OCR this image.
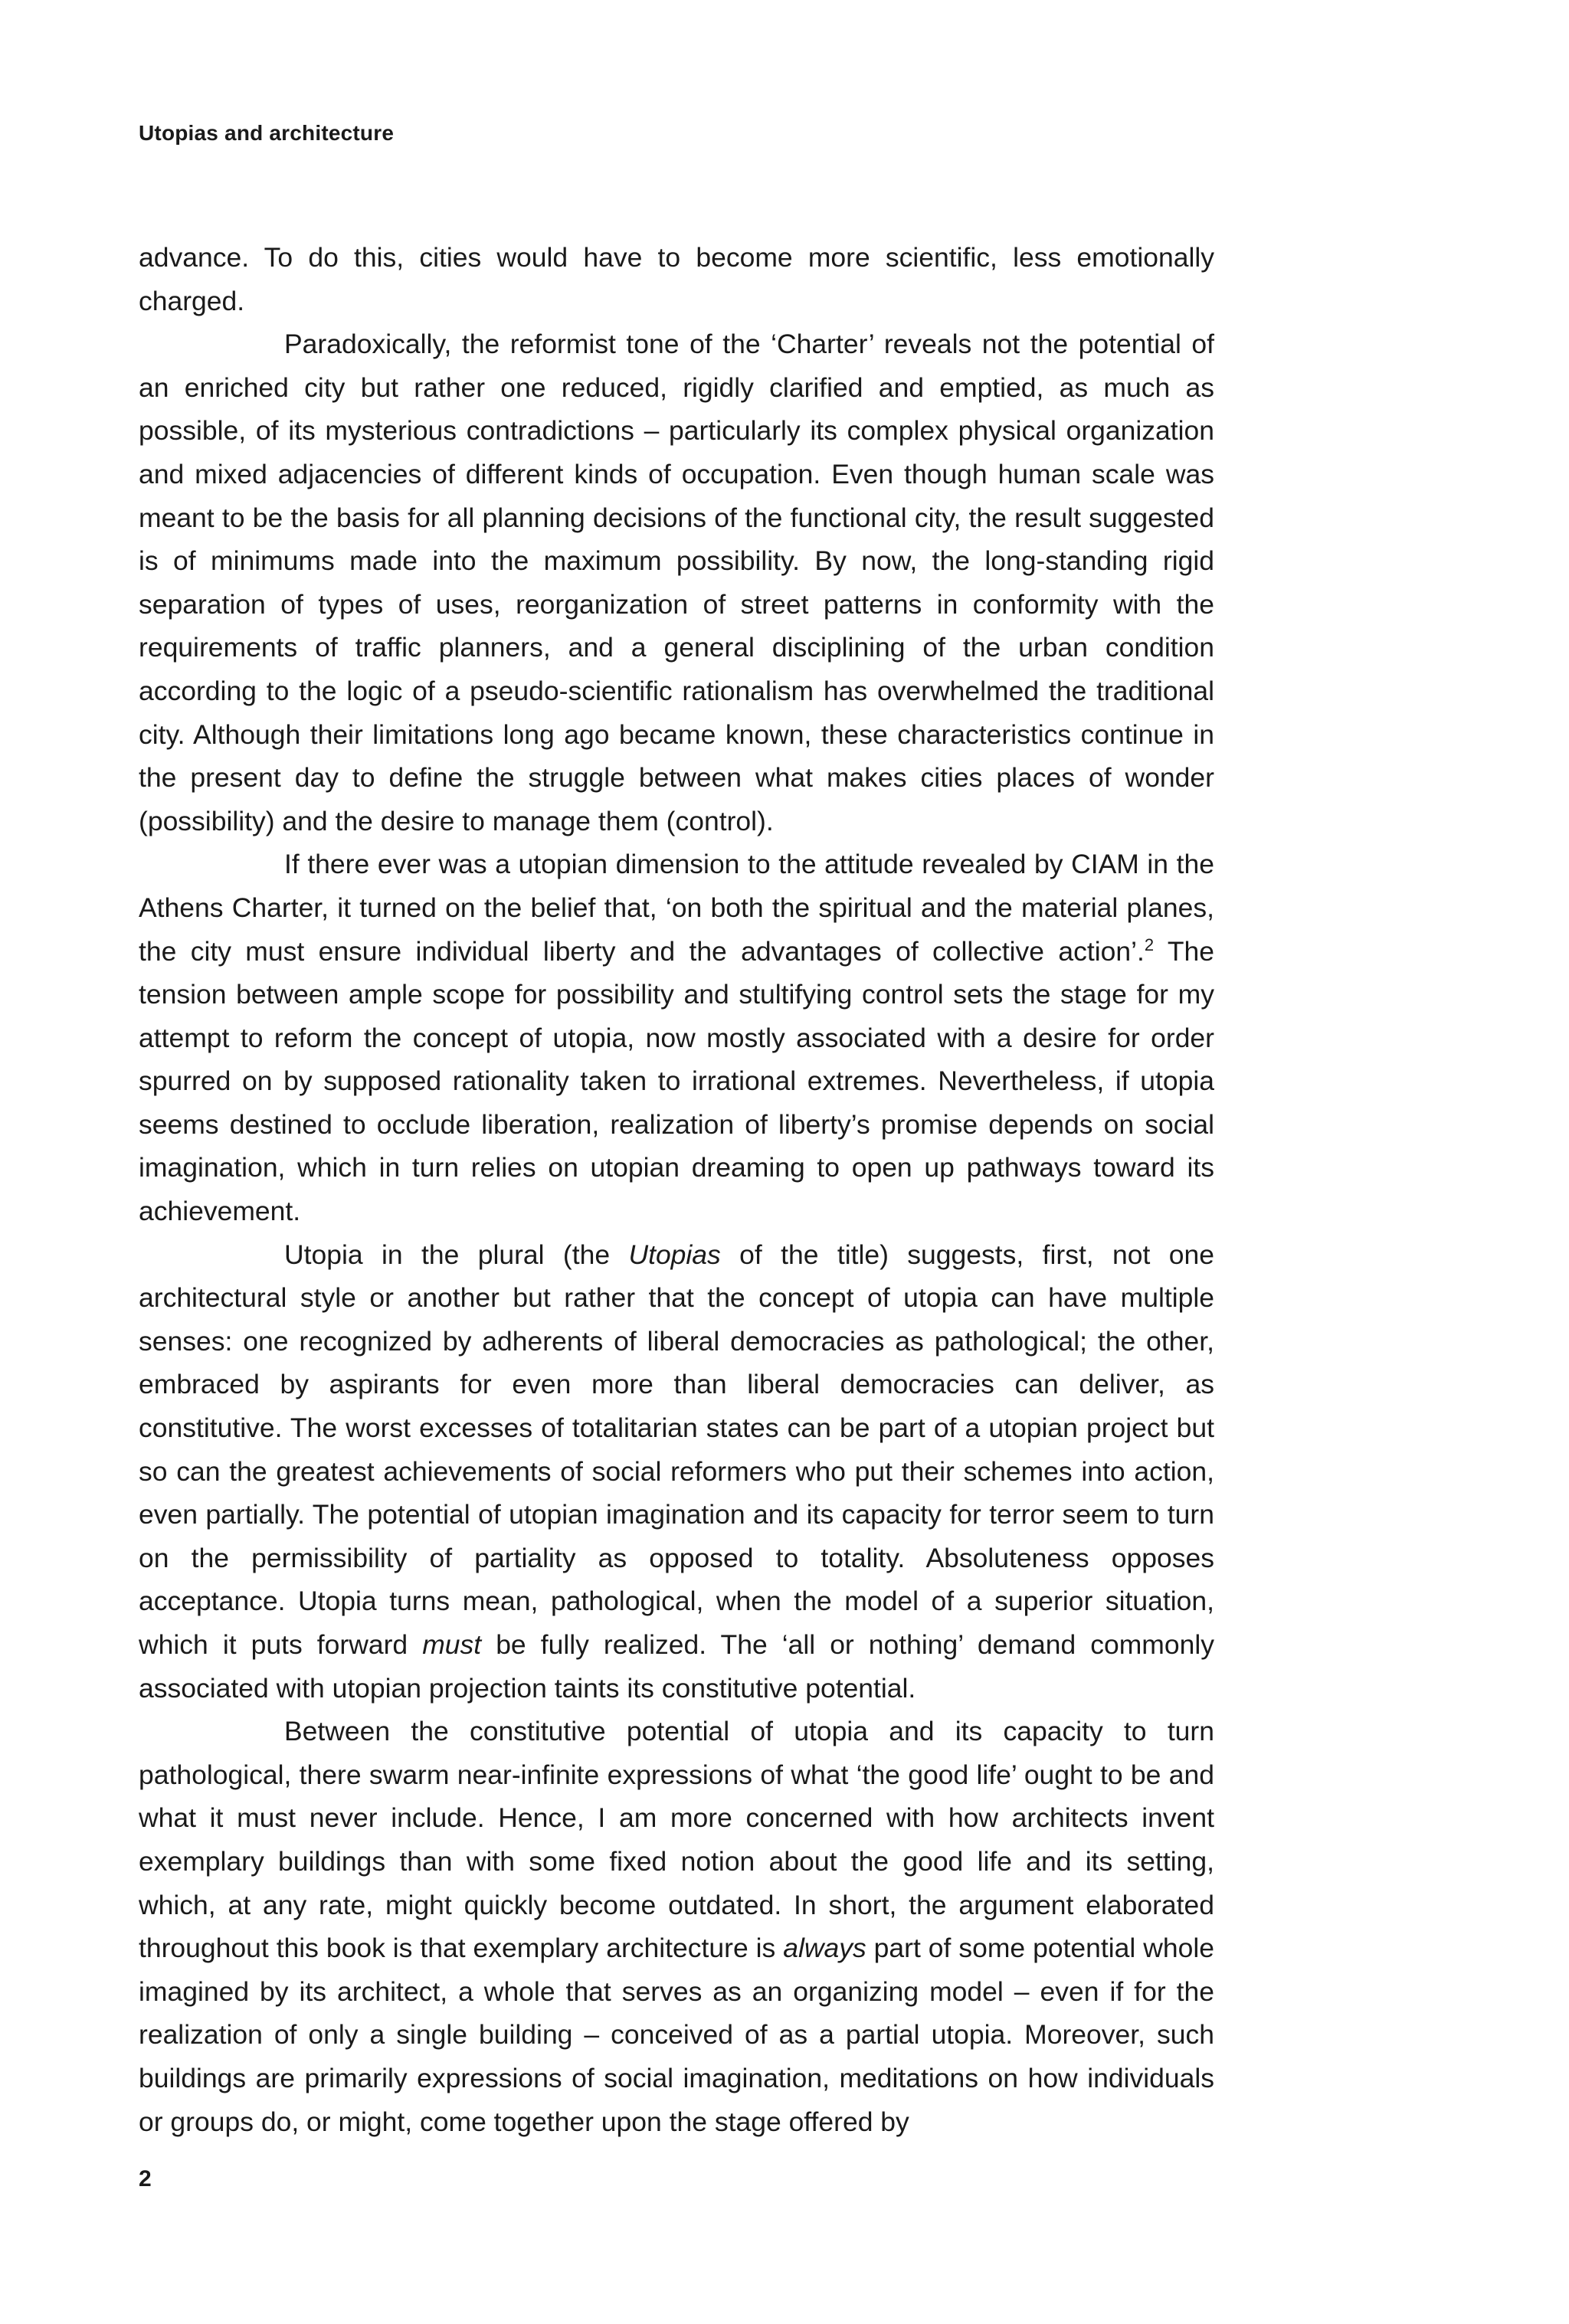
Utopias and architecture

advance. To do this, cities would have to become more scientific, less emotionally charged.

Paradoxically, the reformist tone of the ‘Charter’ reveals not the potential of an enriched city but rather one reduced, rigidly clarified and emptied, as much as possible, of its mysterious contradictions – particularly its complex physical organization and mixed adjacencies of different kinds of occupation. Even though human scale was meant to be the basis for all planning decisions of the functional city, the result suggested is of minimums made into the maximum possibility. By now, the long-standing rigid separation of types of uses, reorganization of street patterns in conformity with the requirements of traffic planners, and a general disciplining of the urban condition according to the logic of a pseudo-scientific rationalism has overwhelmed the traditional city. Although their limitations long ago became known, these characteristics continue in the present day to define the struggle between what makes cities places of wonder (possibility) and the desire to manage them (control).

If there ever was a utopian dimension to the attitude revealed by CIAM in the Athens Charter, it turned on the belief that, ‘on both the spiritual and the material planes, the city must ensure individual liberty and the advantages of collective action’.$^2$ The tension between ample scope for possibility and stultifying control sets the stage for my attempt to reform the concept of utopia, now mostly associated with a desire for order spurred on by supposed rationality taken to irrational extremes. Nevertheless, if utopia seems destined to occlude liberation, realization of liberty’s promise depends on social imagination, which in turn relies on utopian dreaming to open up pathways toward its achievement.

Utopia in the plural (the Utopias of the title) suggests, first, not one architectural style or another but rather that the concept of utopia can have multiple senses: one recognized by adherents of liberal democracies as pathological; the other, embraced by aspirants for even more than liberal democracies can deliver, as constitutive. The worst excesses of totalitarian states can be part of a utopian project but so can the greatest achievements of social reformers who put their schemes into action, even partially. The potential of utopian imagination and its capacity for terror seem to turn on the permissibility of partiality as opposed to totality. Absoluteness opposes acceptance. Utopia turns mean, pathological, when the model of a superior situation, which it puts forward must be fully realized. The ‘all or nothing’ demand commonly associated with utopian projection taints its constitutive potential.

Between the constitutive potential of utopia and its capacity to turn pathological, there swarm near-infinite expressions of what ‘the good life’ ought to be and what it must never include. Hence, I am more concerned with how architects invent exemplary buildings than with some fixed notion about the good life and its setting, which, at any rate, might quickly become outdated. In short, the argument elaborated throughout this book is that exemplary architecture is always part of some potential whole imagined by its architect, a whole that serves as an organizing model – even if for the realization of only a single building – conceived of as a partial utopia. Moreover, such buildings are primarily expressions of social imagination, meditations on how individuals or groups do, or might, come together upon the stage offered by

2
